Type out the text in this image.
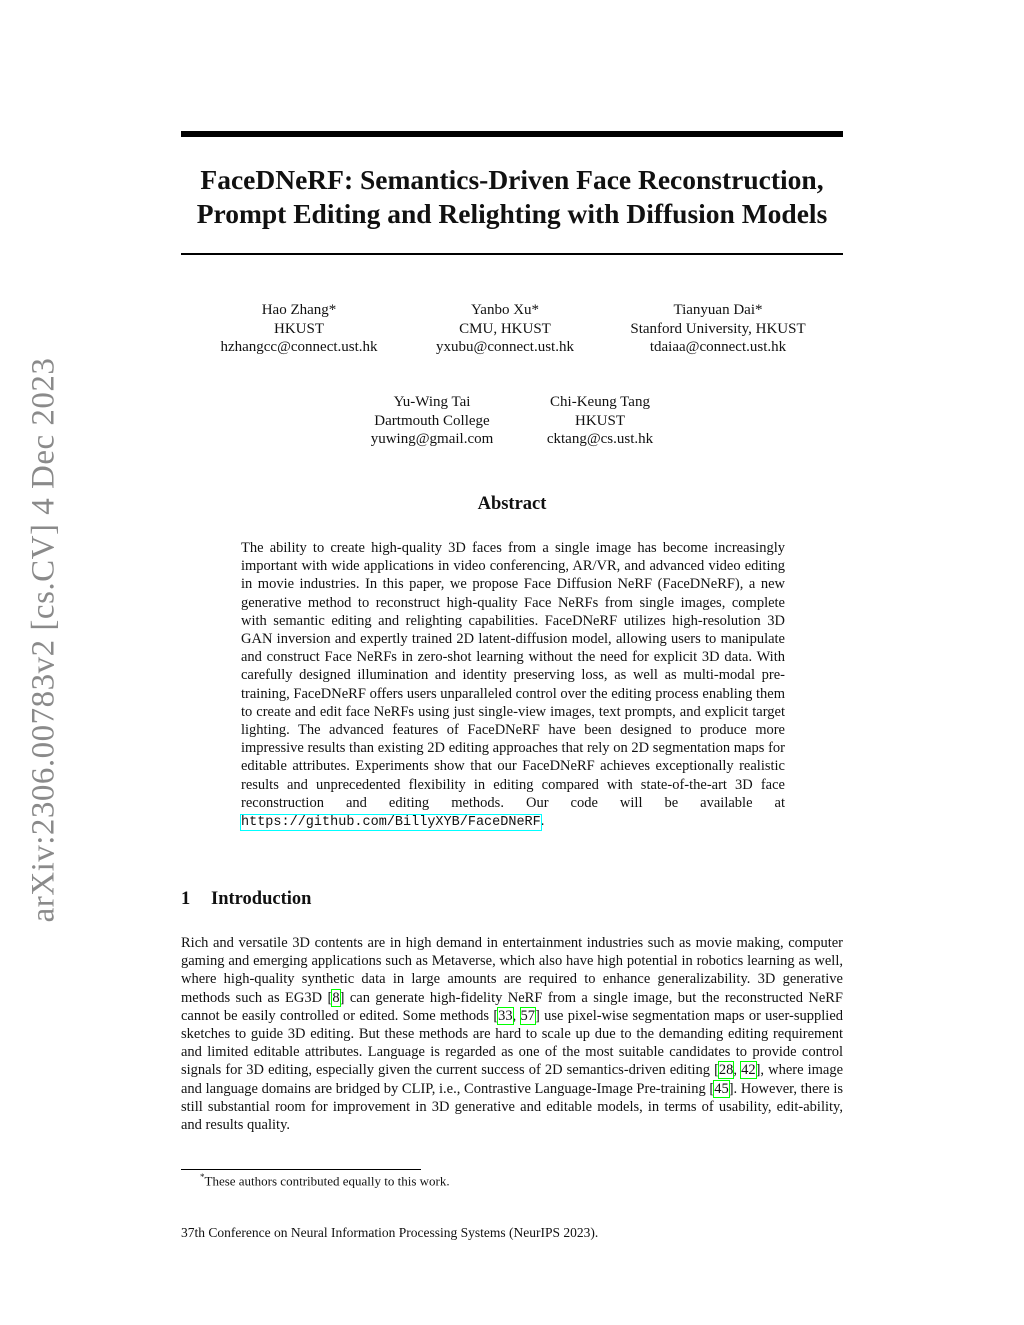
arXiv:2306.00783v2 [cs.CV] 4 Dec 2023
FaceDNeRF: Semantics-Driven Face Reconstruction,
Prompt Editing and Relighting with Diffusion Models
Hao Zhang*
HKUST
hzhangcc@connect.ust.hk
Yanbo Xu*
CMU, HKUST
yxubu@connect.ust.hk
Tianyuan Dai*
Stanford University, HKUST
tdaiaa@connect.ust.hk
Yu-Wing Tai
Dartmouth College
yuwing@gmail.com
Chi-Keung Tang
HKUST
cktang@cs.ust.hk
Abstract

The ability to create high-quality 3D faces from a single image has become increasingly important with wide applications in video conferencing, AR/VR, and advanced video editing in movie industries. In this paper, we propose Face Diffusion NeRF (FaceDNeRF), a new generative method to reconstruct high-quality Face NeRFs from single images, complete with semantic editing and relighting capabilities. FaceDNeRF utilizes high-resolution 3D GAN inversion and expertly trained 2D latent-diffusion model, allowing users to manipulate and construct Face NeRFs in zero-shot learning without the need for explicit 3D data. With carefully designed illumination and identity preserving loss, as well as multi-modal pre-training, FaceDNeRF offers users unparalleled control over the editing process enabling them to create and edit face NeRFs using just single-view images, text prompts, and explicit target lighting. The advanced features of FaceDNeRF have been designed to produce more impressive results than existing 2D editing approaches that rely on 2D segmentation maps for editable attributes. Experiments show that our FaceDNeRF achieves exceptionally realistic results and unprecedented flexibility in editing compared with state-of-the-art 3D face reconstruction and editing methods. Our code will be available at https://github.com/BillyXYB/FaceDNeRF.

1 Introduction

Rich and versatile 3D contents are in high demand in entertainment industries such as movie making, computer gaming and emerging applications such as Metaverse, which also have high potential in robotics learning as well, where high-quality synthetic data in large amounts are required to enhance generalizability. 3D generative methods such as EG3D [8] can generate high-fidelity NeRF from a single image, but the reconstructed NeRF cannot be easily controlled or edited. Some methods [33, 57] use pixel-wise segmentation maps or user-supplied sketches to guide 3D editing. But these methods are hard to scale up due to the demanding editing requirement and limited editable attributes. Language is regarded as one of the most suitable candidates to provide control signals for 3D editing, especially given the current success of 2D semantics-driven editing [28, 42], where image and language domains are bridged by CLIP, i.e., Contrastive Language-Image Pre-training [45]. However, there is still substantial room for improvement in 3D generative and editable models, in terms of usability, edit-ability, and results quality.

*These authors contributed equally to this work.
37th Conference on Neural Information Processing Systems (NeurIPS 2023).
